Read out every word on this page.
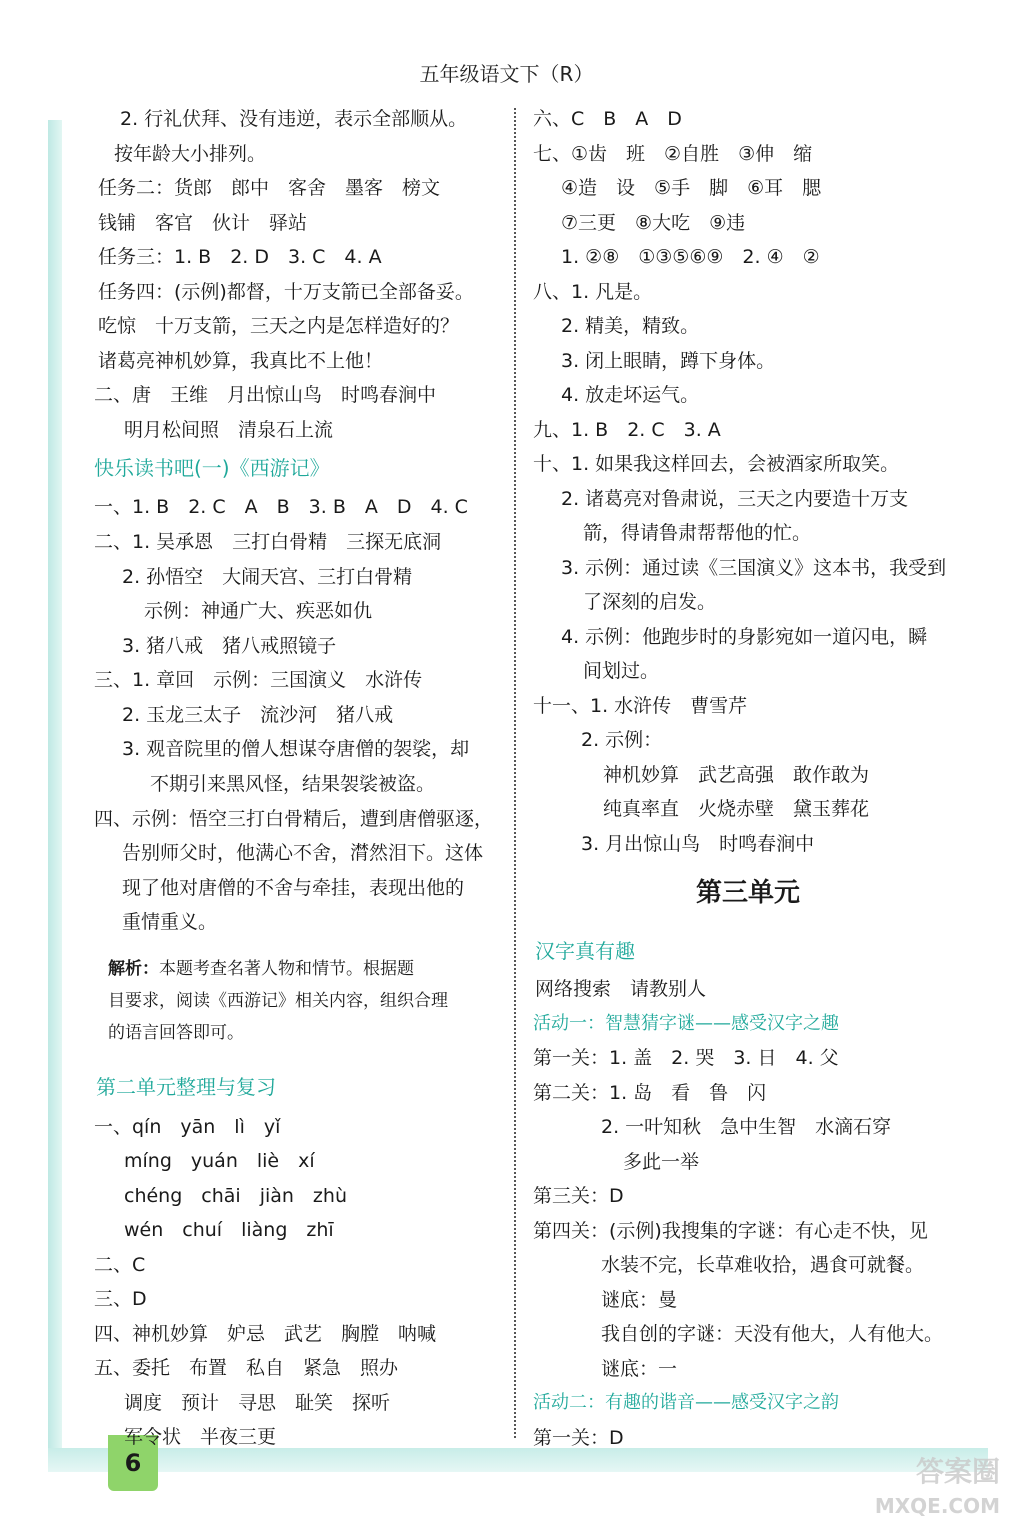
6
五年级语文下（R）
2. 行礼伏拜、没有违逆，表示全部顺从。
按年龄大小排列。
任务二：货郎　郎中　客舍　墨客　榜文
钱铺　客官　伙计　驿站
任务三：1. B　2. D　3. C　4. A
任务四：(示例)都督，十万支箭已全部备妥。
吃惊　十万支箭，三天之内是怎样造好的？
诸葛亮神机妙算，我真比不上他！
二、唐　王维　月出惊山鸟　时鸣春涧中
明月松间照　清泉石上流
快乐读书吧(一)《西游记》
一、1. B　2. C　A　B　3. B　A　D　4. C
二、1. 吴承恩　三打白骨精　三探无底洞
2. 孙悟空　大闹天宫、三打白骨精
示例：神通广大、疾恶如仇
3. 猪八戒　猪八戒照镜子
三、1. 章回　示例：三国演义　水浒传
2. 玉龙三太子　流沙河　猪八戒
3. 观音院里的僧人想谋夺唐僧的袈裟，却
不期引来黑风怪，结果袈裟被盗。
四、示例：悟空三打白骨精后，遭到唐僧驱逐，
告别师父时，他满心不舍，潸然泪下。这体
现了他对唐僧的不舍与牵挂，表现出他的
重情重义。
解析：本题考查名著人物和情节。根据题
目要求，阅读《西游记》相关内容，组织合理
的语言回答即可。
第二单元整理与复习
一、qín　yān　lì　yǐ
míng　yuán　liè　xí
chéng　chāi　jiàn　zhù
wén　chuí　liàng　zhī
二、C
三、D
四、神机妙算　妒忌　武艺　胸膛　呐喊
五、委托　布置　私自　紧急　照办
调度　预计　寻思　耻笑　探听
军令状　半夜三更
六、C　B　A　D
七、①齿　班　②自胜　③伸　缩
④造　设　⑤手　脚　⑥耳　腮
⑦三更　⑧大吃　⑨违
1. ②⑧　①③⑤⑥⑨　2. ④　②
八、1. 凡是。
2. 精美，精致。
3. 闭上眼睛，蹲下身体。
4. 放走坏运气。
九、1. B　2. C　3. A
十、1. 如果我这样回去，会被酒家所取笑。
2. 诸葛亮对鲁肃说，三天之内要造十万支
箭，得请鲁肃帮帮他的忙。
3. 示例：通过读《三国演义》这本书，我受到
了深刻的启发。
4. 示例：他跑步时的身影宛如一道闪电，瞬
间划过。
十一、1. 水浒传　曹雪芹
2. 示例：
神机妙算　武艺高强　敢作敢为
纯真率直　火烧赤壁　黛玉葬花
3. 月出惊山鸟　时鸣春涧中
第三单元
汉字真有趣
网络搜索　请教别人
活动一：智慧猜字谜——感受汉字之趣
第一关：1. 盖　2. 哭　3. 日　4. 父
第二关：1. 岛　看　鲁　闪
2. 一叶知秋　急中生智　水滴石穿
多此一举
第三关：D
第四关：(示例)我搜集的字谜：有心走不快，见
水装不完，长草难收拾，遇食可就餐。
谜底：曼
我自创的字谜：天没有他大，人有他大。
谜底：一
活动二：有趣的谐音——感受汉字之韵
第一关：D
答案圈
MXQE.COM
